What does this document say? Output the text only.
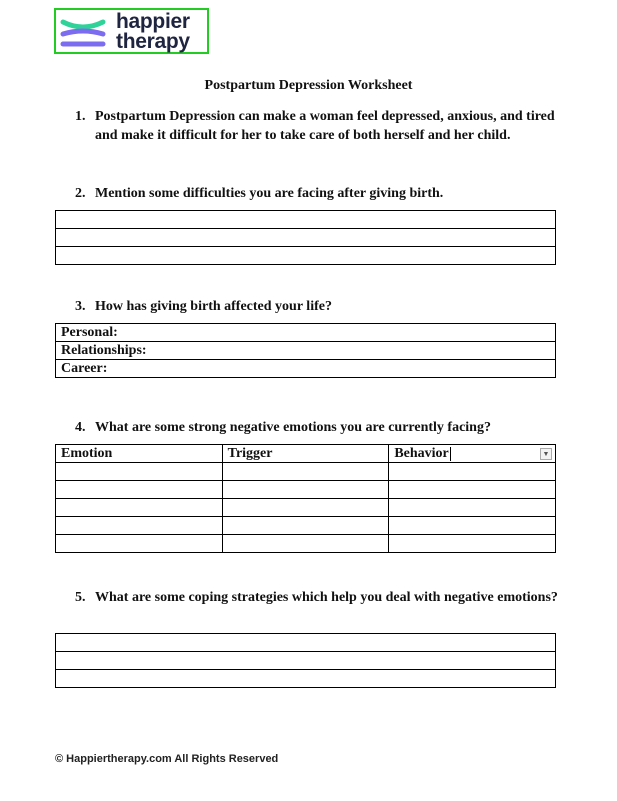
happier
therapy
Postpartum Depression Worksheet
1. Postpartum Depression can make a woman feel depressed, anxious, and tired and make it difficult for her to take care of both herself and her child.
2. Mention some difficulties you are facing after giving birth.

3. How has giving birth affected your life?
Personal:
Relationships:
Career:
4. What are some strong negative emotions you are currently facing?
Emotion	Trigger	Behavior ▼

5. What are some coping strategies which help you deal with negative emotions?

© Happiertherapy.com All Rights Reserved
